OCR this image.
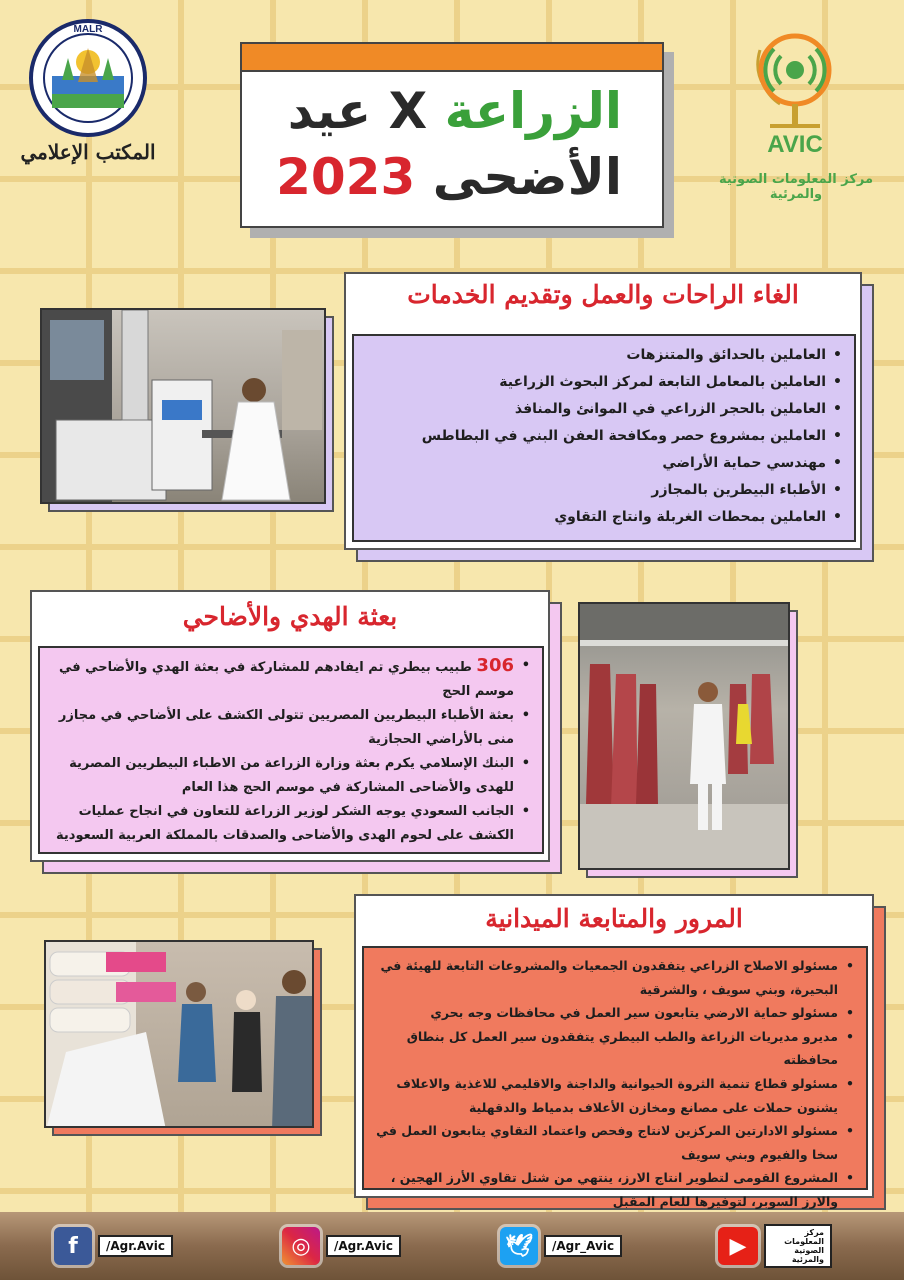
MALR
المكتب الإعلامي
الزراعة X عيد
الأضحى 2023
AVIC
مركز المعلومات الصوتية والمرئية
الغاء الراحات والعمل وتقديم الخدمات
• العاملين بالحدائق والمتنزهات
• العاملين بالمعامل التابعة لمركز البحوث الزراعية
• العاملين بالحجر الزراعي في الموانئ والمنافذ
• العاملين بمشروع حصر ومكافحة العفن البني في البطاطس
• مهندسي حماية الأراضي
• الأطباء البيطرين بالمجازر
• العاملين بمحطات الغربلة وانتاج التقاوي
بعثة الهدي والأضاحي
• 306 طبيب بيطري تم ايفادهم للمشاركة في بعثة الهدي والأضاحي في موسم الحج
• بعثة الأطباء البيطريين المصريين تتولى الكشف على الأضاحي في مجازر منى بالأراضي الحجازية
• البنك الإسلامي يكرم بعثة وزارة الزراعة من الاطباء البيطريين المصرية للهدى والأضاحى المشاركة في موسم الحج هذا العام
• الجانب السعودي يوجه الشكر لوزير الزراعة للتعاون في انجاح عمليات الكشف على لحوم الهدى والأضاحى والصدقات بالمملكة العربية السعودية
المرور والمتابعة الميدانية
• مسئولو الاصلاح الزراعي يتفقدون الجمعيات والمشروعات التابعة للهيئة في البحيرة، وبني سويف ، والشرقية
• مسئولو حماية الارضي يتابعون سير العمل في محافظات وجه بحري
• مديرو مديريات الزراعة والطب البيطري يتفقدون سير العمل كل بنطاق محافظته
• مسئولو قطاع تنمية الثروة الحيوانية والداجنة والاقليمي للاغذية والاعلاف يشنون حملات على مصانع ومخازن الأعلاف بدمياط والدقهلية
• مسئولو الادارتين المركزين لانتاج وفحص واعتماد التقاوي يتابعون العمل في سخا والفيوم وبني سويف
• المشروع القومى لتطوير انتاج الارز، ينتهي من شتل تقاوي الأرز الهجين ، والارز السوبر، لتوفيرها للعام المقبل
f	/Agr.Avic	◎	/Agr.Avic	🕊	/Agr_Avic	▶
مركز المعلومات الصوتية والمرئية
